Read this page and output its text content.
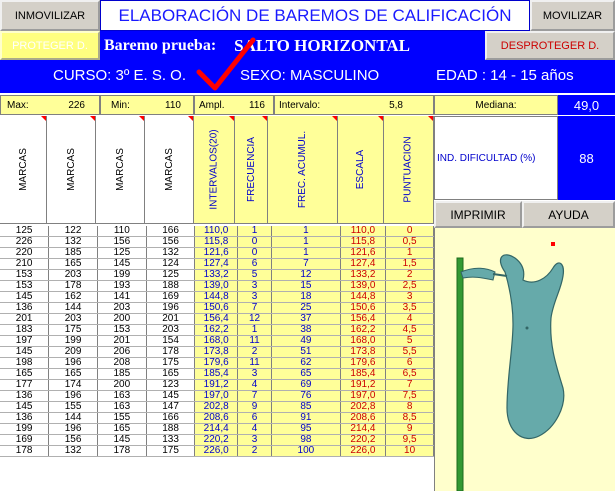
INMOVILIZAR	ELABORACIÓN DE BAREMOS DE CALIFICACIÓN	MOVILIZAR
PROTEGER D.	Baremo prueba: SALTO HORIZONTAL	DESPROTEGER D.
CURSO: 3º E. S. O.	SEXO: MASCULINO	EDAD : 14 - 15 años
Max:	226	Min:	110 Ampl. 116 Intervalo:	5,8	Mediana:	49,0
MARCAS	MARCAS	MARCAS	MARCAS	INTERVALOS(20)	FRECUENCIA	FREC. ACUMUL.	ESCALA	PUNTUACION IND. DIFICULTAD (%)	88
IMPRIMIR	AYUDA
125	122	110	166	110,0	1	1	110,0	0
226	132	156	156	115,8	0	1	115,8	0,5
220	185	125	132	121,6	0	1	121,6	1
210	165	145	124	127,4	6	7	127,4	1,5
153	203	199	125	133,2	5	12	133,2	2
153	178	193	188	139,0	3	15	139,0	2,5
145	162	141	169	144,8	3	18	144,8	3
136	144	203	196	150,6	7	25	150,6	3,5
201	203	200	201	156,4	12	37	156,4	4
183	175	153	203	162,2	1	38	162,2	4,5
197	199	201	154	168,0	11	49	168,0	5
145	209	206	178	173,8	2	51	173,8	5,5
198	196	208	175	179,6	11	62	179,6	6
165	165	185	165	185,4	3	65	185,4	6,5
177	174	200	123	191,2	4	69	191,2	7
136	196	163	145	197,0	7	76	197,0	7,5
145	155	163	147	202,8	9	85	202,8	8
136	144	155	166	208,6	6	91	208,6	8,5
199	196	165	188	214,4	4	95	214,4	9
169	156	145	133	220,2	3	98	220,2	9,5
178	132	178	175	226,0	2	100	226,0	10
